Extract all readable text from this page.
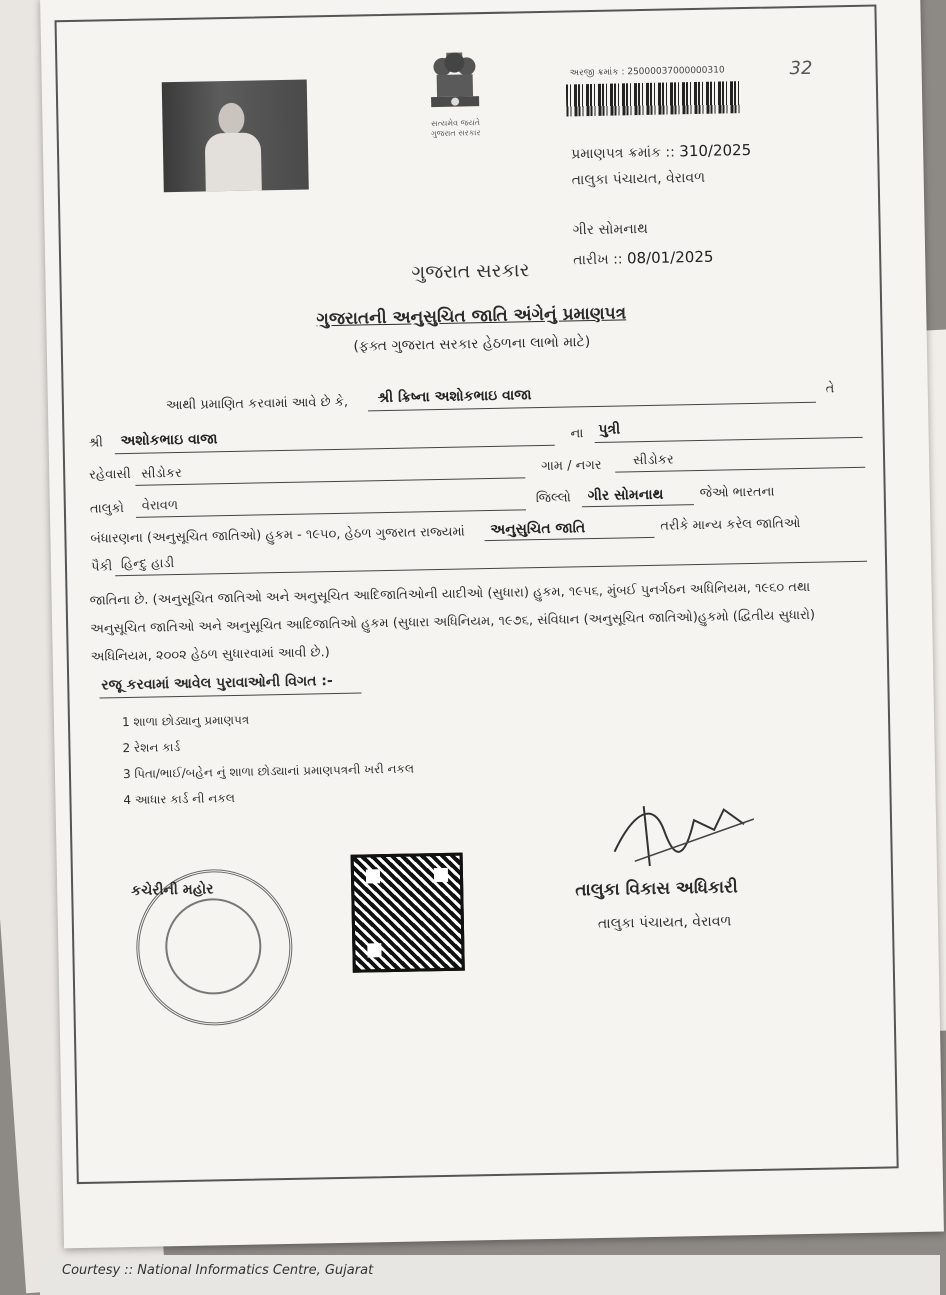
Courtesy :: National Informatics Centre, Gujarat
સત્યમેવ જયતે
ગુજરાત સરકાર
અરજી ક્રમાંક : 25000037000000310	32
પ્રમાણપત્ર ક્રમાંક :: 310/2025
તાલુકા પંચાયત, વેરાવળ
ગીર સોમનાથ
તારીખ :: 08/01/2025
ગુજરાત સરકાર
ગુજરાતની અનુસુચિત જાતિ અંગેનું પ્રમાણપત્ર
(ફક્ત ગુજરાત સરકાર હેઠળના લાભો માટે)
આથી પ્રમાણિત કરવામાં આવે છે કે, શ્રી ક્રિષ્ના અશોકભાઇ વાજા	તે
શ્રી અશોકભાઇ વાજા	ના પુત્રી
રહેવાસી સીડોકર	ગામ / નગર સીડોકર
તાલુકો વેરાવળ	જિલ્લો ગીર સોમનાથ	જેઓ ભારતના
બંધારણના (અનુસૂચિત જાતિઓ) હુકમ - ૧૯૫૦, હેઠળ ગુજરાત રાજ્યમાં અનુસુચિત જાતિ	તરીકે માન્ય કરેલ જાતિઓ
પૈકી હિન્દુ હાડી
જાતિના છે. (અનુસૂચિત જાતિઓ અને અનુસૂચિત આદિજાતિઓની યાદીઓ (સુધારા) હુકમ, ૧૯૫૬, મુંબઈ પુનર્ગઠન અધિનિયમ, ૧૯૬૦ તથા
અનુસૂચિત જાતિઓ અને અનુસૂચિત આદિજાતિઓ હુકમ (સુધારા અધિનિયમ, ૧૯૭૬, સંવિધાન (અનુસૂચિત જાતિઓ)હુકમો (દ્વિતીય સુધારો)
અધિનિયમ, ૨૦૦૨ હેઠળ સુધારવામાં આવી છે.)
રજૂ કરવામાં આવેલ પુરાવાઓની વિગત :-
1 શાળા છોડ્યાનુ પ્રમાણપત્ર
2 રેશન કાર્ડ
3 પિતા/ભાઈ/બહેન નું શાળા છોડ્યાનાં પ્રમાણપત્રની ખરી નકલ
4 આધાર કાર્ડ ની નકલ
કચેરીની મહોર	તાલુકા વિકાસ અધિકારી
તાલુકા પંચાયત, વેરાવળ
